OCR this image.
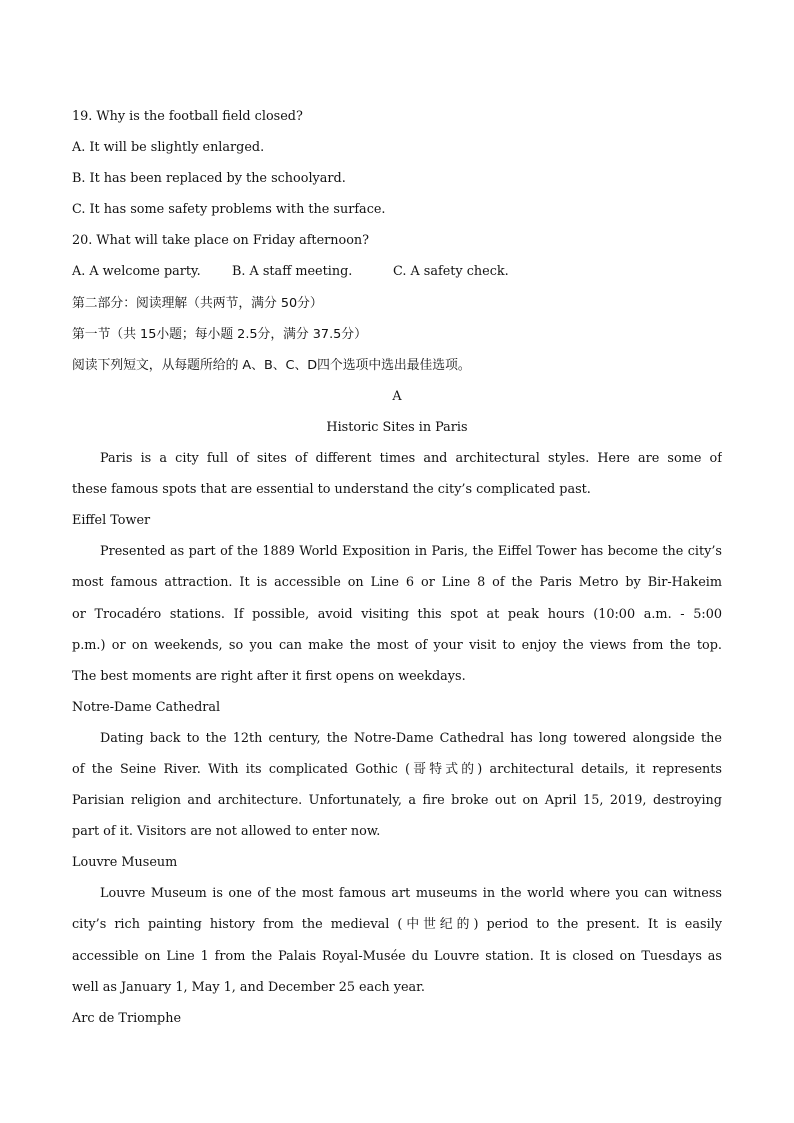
19. Why is the football field closed?
A. It will be slightly enlarged.
B. It has been replaced by the schoolyard.
C. It has some safety problems with the surface.
20. What will take place on Friday afternoon?
A. A welcome party. B. A staff meeting.	C. A safety check.
第二部分：阅读理解（共两节，满分 50分）
第一节（共 15小题；每小题 2.5分，满分 37.5分）
阅读下列短文，从每题所给的 A、B、C、D四个选项中选出最佳选项。
A
Historic Sites in Paris
Paris is a city full of sites of different times and architectural styles. Here are some of
these famous spots that are essential to understand the city’s complicated past.
Eiffel Tower
Presented as part of the 1889 World Exposition in Paris, the Eiffel Tower has become the city’s
most famous attraction. It is accessible on Line 6 or Line 8 of the Paris Metro by Bir-Hakeim
or Trocadéro stations. If possible, avoid visiting this spot at peak hours (10:00 a.m. - 5:00
p.m.) or on weekends, so you can make the most of your visit to enjoy the views from the top.
The best moments are right after it first opens on weekdays.
Notre-Dame Cathedral
Dating back to the 12th century, the Notre-Dame Cathedral has long towered alongside the
of the Seine River. With its complicated Gothic (哥特式的) architectural details, it represents
Parisian religion and architecture. Unfortunately, a fire broke out on April 15, 2019, destroying
part of it. Visitors are not allowed to enter now.
Louvre Museum
Louvre Museum is one of the most famous art museums in the world where you can witness
city’s rich painting history from the medieval (中世纪的) period to the present. It is easily
accessible on Line 1 from the Palais Royal-Musée du Louvre station. It is closed on Tuesdays as
well as January 1, May 1, and December 25 each year.
Arc de Triomphe
